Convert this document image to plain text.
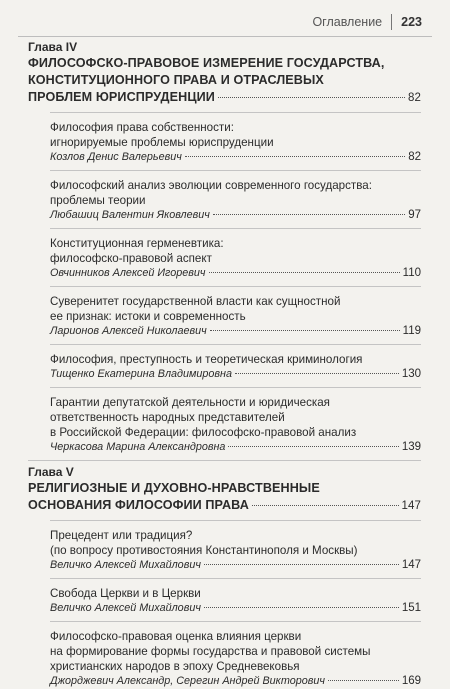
Оглавление 223

Глава IV

ФИЛОСОФСКО-ПРАВОВОЕ ИЗМЕРЕНИЕ ГОСУДАРСТВА,

КОНСТИТУЦИОННОГО ПРАВА И ОТРАСЛЕВЫХ

ПРОБЛЕМ ЮРИСПРУДЕНЦИИ	82

Философия права собственности:

игнорируемые проблемы юриспруденции

Козлов Денис Валерьевич	82

Философский анализ эволюции современного государства:

проблемы теории

Любашиц Валентин Яковлевич	97

Конституционная герменевтика:

философско-правовой аспект

Овчинников Алексей Игоревич	110

Суверенитет государственной власти как сущностной

ее признак: истоки и современность

Ларионов Алексей Николаевич	119

Философия, преступность и теоретическая криминология

Тищенко Екатерина Владимировна	130

Гарантии депутатской деятельности и юридическая

ответственность народных представителей

в Российской Федерации: философско-правовой анализ

Черкасова Марина Александровна	139

Глава V

РЕЛИГИОЗНЫЕ И ДУХОВНО-НРАВСТВЕННЫЕ

ОСНОВАНИЯ ФИЛОСОФИИ ПРАВА	147

Прецедент или традиция?

(по вопросу противостояния Константинополя и Москвы)

Величко Алексей Михайлович	147

Свобода Церкви и в Церкви

Величко Алексей Михайлович	151

Философско-правовая оценка влияния церкви

на формирование формы государства и правовой системы

христианских народов в эпоху Средневековья

Джорджевич Александр, Серегин Андрей Викторович	169
